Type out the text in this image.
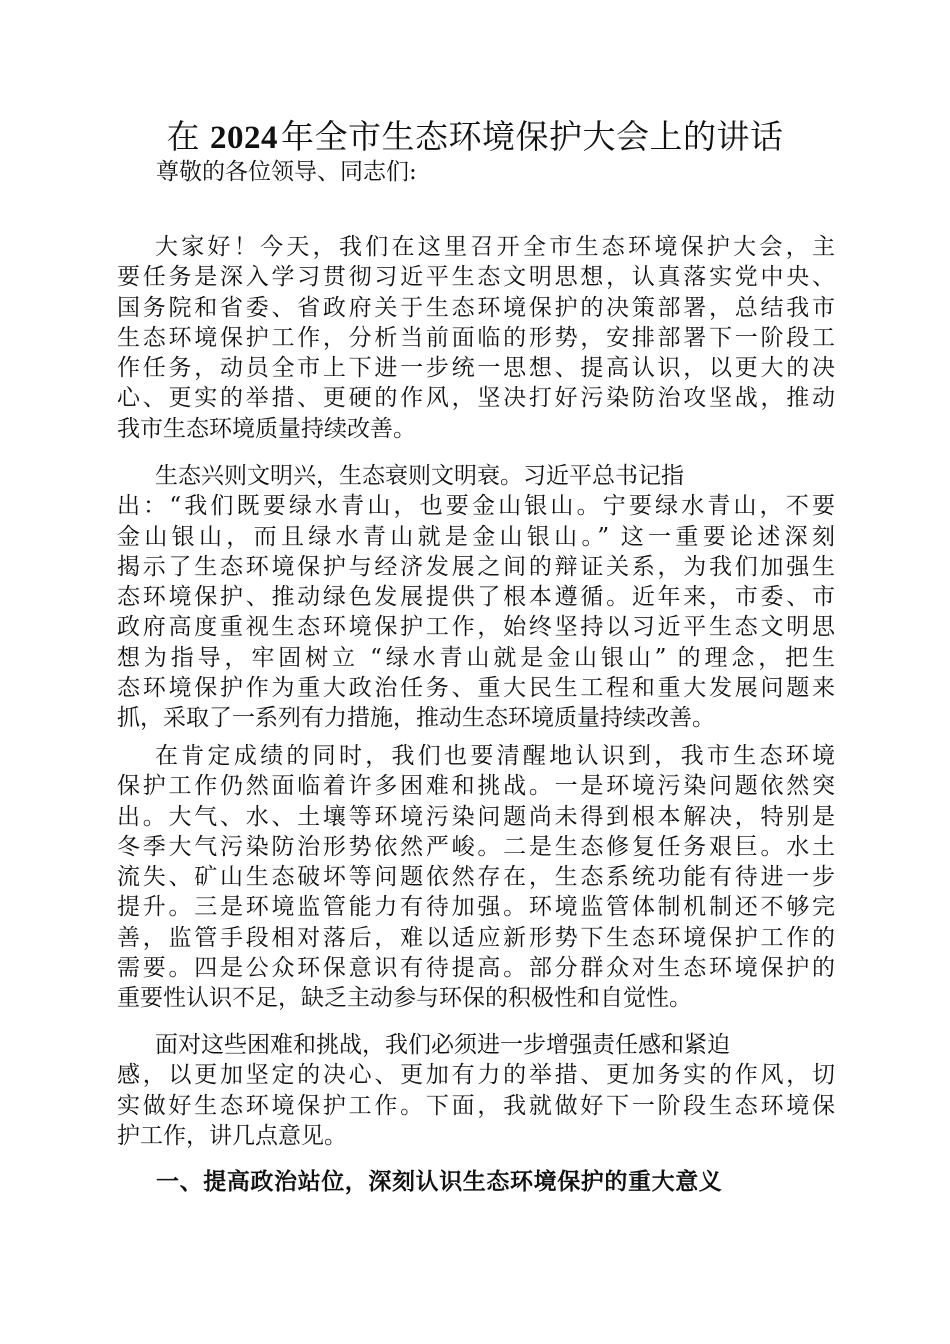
在 2024年全市生态环境保护大会上的讲话

尊敬的各位领导、同志们:

大家好！今天，我们在这里召开全市生态环境保护大会，主
要任务是深入学习贯彻习近平生态文明思想，认真落实党中央、
国务院和省委、省政府关于生态环境保护的决策部署，总结我市
生态环境保护工作，分析当前面临的形势，安排部署下一阶段工
作任务，动员全市上下进一步统一思想、提高认识，以更大的决
心、更实的举措、更硬的作风，坚决打好污染防治攻坚战，推动
我市生态环境质量持续改善。
生态兴则文明兴，生态衰则文明衰。习近平总书记指
出：“我们既要绿水青山，也要金山银山。宁要绿水青山，不要
金山银山，而且绿水青山就是金山银山。” 这一重要论述深刻
揭示了生态环境保护与经济发展之间的辩证关系，为我们加强生
态环境保护、推动绿色发展提供了根本遵循。近年来，市委、市
政府高度重视生态环境保护工作，始终坚持以习近平生态文明思
想为指导，牢固树立 “绿水青山就是金山银山” 的理念，把生
态环境保护作为重大政治任务、重大民生工程和重大发展问题来
抓，采取了一系列有力措施，推动生态环境质量持续改善。
在肯定成绩的同时，我们也要清醒地认识到，我市生态环境
保护工作仍然面临着许多困难和挑战。一是环境污染问题依然突
出。大气、水、土壤等环境污染问题尚未得到根本解决，特别是
冬季大气污染防治形势依然严峻。二是生态修复任务艰巨。水土
流失、矿山生态破坏等问题依然存在，生态系统功能有待进一步
提升。三是环境监管能力有待加强。环境监管体制机制还不够完
善，监管手段相对落后，难以适应新形势下生态环境保护工作的
需要。四是公众环保意识有待提高。部分群众对生态环境保护的
重要性认识不足，缺乏主动参与环保的积极性和自觉性。
面对这些困难和挑战，我们必须进一步增强责任感和紧迫
感，以更加坚定的决心、更加有力的举措、更加务实的作风，切
实做好生态环境保护工作。下面，我就做好下一阶段生态环境保
护工作，讲几点意见。
一、提高政治站位，深刻认识生态环境保护的重大意义
